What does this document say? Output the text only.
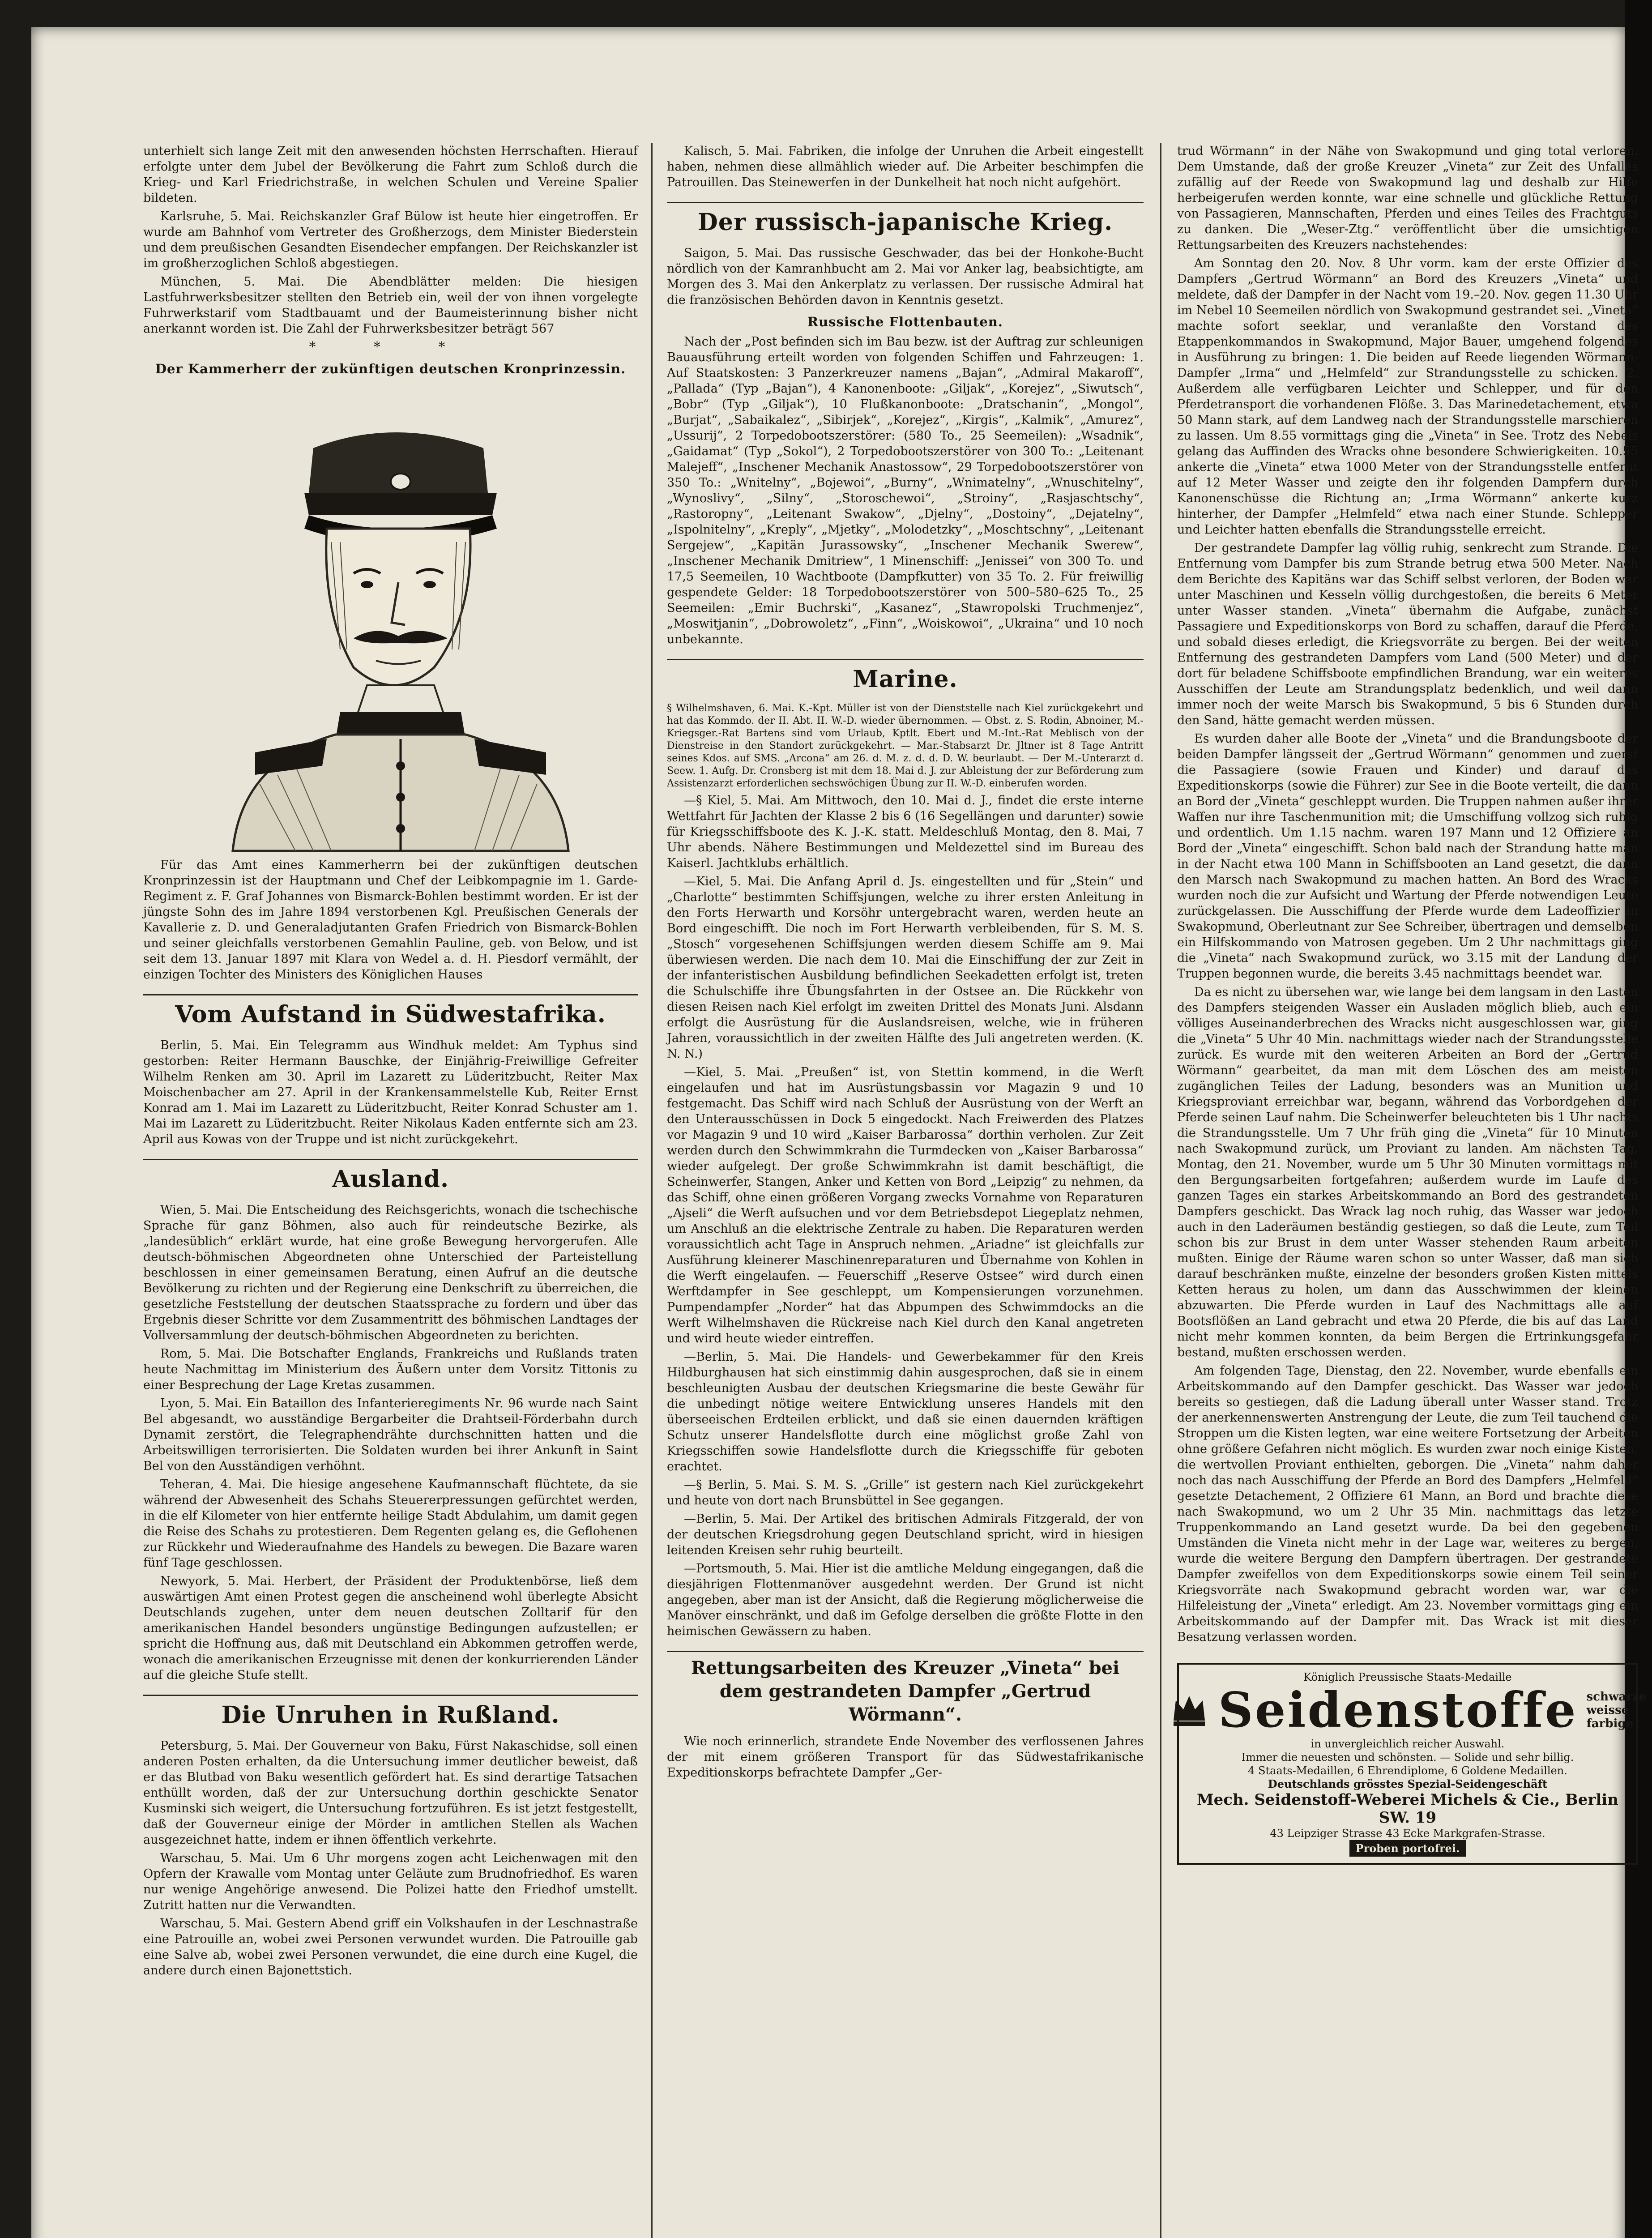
unterhielt sich lange Zeit mit den anwesenden höchsten Herrschaften. Hierauf erfolgte unter dem Jubel der Bevölkerung die Fahrt zum Schloß durch die Krieg- und Karl Friedrichstraße, in welchen Schulen und Vereine Spalier bildeten.

Karlsruhe, 5. Mai. Reichskanzler Graf Bülow ist heute hier eingetroffen. Er wurde am Bahnhof vom Vertreter des Großherzogs, dem Minister Biederstein und dem preußischen Gesandten Eisendecher empfangen. Der Reichskanzler ist im großherzoglichen Schloß abgestiegen.

München, 5. Mai. Die Abendblätter melden: Die hiesigen Lastfuhrwerksbesitzer stellten den Betrieb ein, weil der von ihnen vorgelegte Fuhrwerkstarif vom Stadtbauamt und der Baumeisterinnung bisher nicht anerkannt worden ist. Die Zahl der Fuhrwerksbesitzer beträgt 567

* * *
Der Kammerherr der zukünftigen deutschen Kronprinzessin.

Für das Amt eines Kammerherrn bei der zukünftigen deutschen Kronprinzessin ist der Hauptmann und Chef der Leibkompagnie im 1. Garde-Regiment z. F. Graf Johannes von Bismarck-Bohlen bestimmt worden. Er ist der jüngste Sohn des im Jahre 1894 verstorbenen Kgl. Preußischen Generals der Kavallerie z. D. und Generaladjutanten Grafen Friedrich von Bismarck-Bohlen und seiner gleichfalls verstorbenen Gemahlin Pauline, geb. von Below, und ist seit dem 13. Januar 1897 mit Klara von Wedel a. d. H. Piesdorf vermählt, der einzigen Tochter des Ministers des Königlichen Hauses

Vom Aufstand in Südwestafrika.

Berlin, 5. Mai. Ein Telegramm aus Windhuk meldet: Am Typhus sind gestorben: Reiter Hermann Bauschke, der Einjährig-Freiwillige Gefreiter Wilhelm Renken am 30. April im Lazarett zu Lüderitzbucht, Reiter Max Moischenbacher am 27. April in der Krankensammelstelle Kub, Reiter Ernst Konrad am 1. Mai im Lazarett zu Lüderitzbucht, Reiter Konrad Schuster am 1. Mai im Lazarett zu Lüderitzbucht. Reiter Nikolaus Kaden entfernte sich am 23. April aus Kowas von der Truppe und ist nicht zurückgekehrt.

Ausland.

Wien, 5. Mai. Die Entscheidung des Reichsgerichts, wonach die tschechische Sprache für ganz Böhmen, also auch für reindeutsche Bezirke, als „landesüblich“ erklärt wurde, hat eine große Bewegung hervorgerufen. Alle deutsch-böhmischen Abgeordneten ohne Unterschied der Parteistellung beschlossen in einer gemeinsamen Beratung, einen Aufruf an die deutsche Bevölkerung zu richten und der Regierung eine Denkschrift zu überreichen, die gesetzliche Feststellung der deutschen Staatssprache zu fordern und über das Ergebnis dieser Schritte vor dem Zusammentritt des böhmischen Landtages der Vollversammlung der deutsch-böhmischen Abgeordneten zu berichten.

Rom, 5. Mai. Die Botschafter Englands, Frankreichs und Rußlands traten heute Nachmittag im Ministerium des Äußern unter dem Vorsitz Tittonis zu einer Besprechung der Lage Kretas zusammen.

Lyon, 5. Mai. Ein Bataillon des Infanterieregiments Nr. 96 wurde nach Saint Bel abgesandt, wo ausständige Bergarbeiter die Drahtseil-Förderbahn durch Dynamit zerstört, die Telegraphendrähte durchschnitten hatten und die Arbeitswilligen terrorisierten. Die Soldaten wurden bei ihrer Ankunft in Saint Bel von den Ausständigen verhöhnt.

Teheran, 4. Mai. Die hiesige angesehene Kaufmannschaft flüchtete, da sie während der Abwesenheit des Schahs Steuererpressungen gefürchtet werden, in die elf Kilometer von hier entfernte heilige Stadt Abdulahim, um damit gegen die Reise des Schahs zu protestieren. Dem Regenten gelang es, die Geflohenen zur Rückkehr und Wiederaufnahme des Handels zu bewegen. Die Bazare waren fünf Tage geschlossen.

Newyork, 5. Mai. Herbert, der Präsident der Produktenbörse, ließ dem auswärtigen Amt einen Protest gegen die anscheinend wohl überlegte Absicht Deutschlands zugehen, unter dem neuen deutschen Zolltarif für den amerikanischen Handel besonders ungünstige Bedingungen aufzustellen; er spricht die Hoffnung aus, daß mit Deutschland ein Abkommen getroffen werde, wonach die amerikanischen Erzeugnisse mit denen der konkurrierenden Länder auf die gleiche Stufe stellt.

Die Unruhen in Rußland.

Petersburg, 5. Mai. Der Gouverneur von Baku, Fürst Nakaschidse, soll einen anderen Posten erhalten, da die Untersuchung immer deutlicher beweist, daß er das Blutbad von Baku wesentlich gefördert hat. Es sind derartige Tatsachen enthüllt worden, daß der zur Untersuchung dorthin geschickte Senator Kusminski sich weigert, die Untersuchung fortzuführen. Es ist jetzt festgestellt, daß der Gouverneur einige der Mörder in amtlichen Stellen als Wachen ausgezeichnet hatte, indem er ihnen öffentlich verkehrte.

Warschau, 5. Mai. Um 6 Uhr morgens zogen acht Leichenwagen mit den Opfern der Krawalle vom Montag unter Geläute zum Brudnofriedhof. Es waren nur wenige Angehörige anwesend. Die Polizei hatte den Friedhof umstellt. Zutritt hatten nur die Verwandten.

Warschau, 5. Mai. Gestern Abend griff ein Volkshaufen in der Leschnastraße eine Patrouille an, wobei zwei Personen verwundet wurden. Die Patrouille gab eine Salve ab, wobei zwei Personen verwundet, die eine durch eine Kugel, die andere durch einen Bajonettstich.

Kalisch, 5. Mai. Fabriken, die infolge der Unruhen die Arbeit eingestellt haben, nehmen diese allmählich wieder auf. Die Arbeiter beschimpfen die Patrouillen. Das Steinewerfen in der Dunkelheit hat noch nicht aufgehört.

Der russisch-japanische Krieg.

Saigon, 5. Mai. Das russische Geschwader, das bei der Honkohe-Bucht nördlich von der Kamranhbucht am 2. Mai vor Anker lag, beabsichtigte, am Morgen des 3. Mai den Ankerplatz zu verlassen. Der russische Admiral hat die französischen Behörden davon in Kenntnis gesetzt.

Russische Flottenbauten.

Nach der „Post befinden sich im Bau bezw. ist der Auftrag zur schleunigen Bauausführung erteilt worden von folgenden Schiffen und Fahrzeugen: 1. Auf Staatskosten: 3 Panzerkreuzer namens „Bajan“, „Admiral Makaroff“, „Pallada“ (Typ „Bajan“), 4 Kanonenboote: „Giljak“, „Korejez“, „Siwutsch“, „Bobr“ (Typ „Giljak“), 10 Flußkanonboote: „Dratschanin“, „Mongol“, „Burjat“, „Sabaikalez“, „Sibirjek“, „Korejez“, „Kirgis“, „Kalmik“, „Amurez“, „Ussurij“, 2 Torpedobootszerstörer: (580 To., 25 Seemeilen): „Wsadnik“, „Gaidamat“ (Typ „Sokol“), 2 Torpedobootszerstörer von 300 To.: „Leitenant Malejeff“, „Inschener Mechanik Anastossow“, 29 Torpedobootszerstörer von 350 To.: „Wnitelny“, „Bojewoi“, „Burny“, „Wnimatelny“, „Wnuschitelny“, „Wynoslivy“, „Silny“, „Storoschewoi“, „Stroiny“, „Rasjaschtschy“, „Rastoropny“, „Leitenant Swakow“, „Djelny“, „Dostoiny“, „Dejatelny“, „Ispolnitelny“, „Kreply“, „Mjetky“, „Molodetzky“, „Moschtschny“, „Leitenant Sergejew“, „Kapitän Jurassowsky“, „Inschener Mechanik Swerew“, „Inschener Mechanik Dmitriew“, 1 Minenschiff: „Jenissei“ von 300 To. und 17,5 Seemeilen, 10 Wachtboote (Dampfkutter) von 35 To. 2. Für freiwillig gespendete Gelder: 18 Torpedobootszerstörer von 500–580–625 To., 25 Seemeilen: „Emir Buchrski“, „Kasanez“, „Stawropolski Truchmenjez“, „Moswitjanin“, „Dobrowoletz“, „Finn“, „Woiskowoi“, „Ukraina“ und 10 noch unbekannte.

Marine.

§ Wilhelmshaven, 6. Mai. K.-Kpt. Müller ist von der Dienststelle nach Kiel zurückgekehrt und hat das Kommdo. der II. Abt. II. W.-D. wieder übernommen. — Obst. z. S. Rodin, Abnoiner, M.-Kriegsger.-Rat Bartens sind vom Urlaub, Kptlt. Ebert und M.-Int.-Rat Meblisch von der Dienstreise in den Standort zurückgekehrt. — Mar.-Stabsarzt Dr. Jltner ist 8 Tage Antritt seines Kdos. auf SMS. „Arcona“ am 26. d. M. z. d. d. D. W. beurlaubt. — Der M.-Unterarzt d. Seew. 1. Aufg. Dr. Cronsberg ist mit dem 18. Mai d. J. zur Ableistung der zur Beförderung zum Assistenzarzt erforderlichen sechswöchigen Übung zur II. W.-D. einberufen worden.

—§ Kiel, 5. Mai. Am Mittwoch, den 10. Mai d. J., findet die erste interne Wettfahrt für Jachten der Klasse 2 bis 6 (16 Segellängen und darunter) sowie für Kriegsschiffsboote des K. J.-K. statt. Meldeschluß Montag, den 8. Mai, 7 Uhr abends. Nähere Bestimmungen und Meldezettel sind im Bureau des Kaiserl. Jachtklubs erhältlich.

—Kiel, 5. Mai. Die Anfang April d. Js. eingestellten und für „Stein“ und „Charlotte“ bestimmten Schiffsjungen, welche zu ihrer ersten Anleitung in den Forts Herwarth und Korsöhr untergebracht waren, werden heute an Bord eingeschifft. Die noch im Fort Herwarth verbleibenden, für S. M. S. „Stosch“ vorgesehenen Schiffsjungen werden diesem Schiffe am 9. Mai überwiesen werden. Die nach dem 10. Mai die Einschiffung der zur Zeit in der infanteristischen Ausbildung befindlichen Seekadetten erfolgt ist, treten die Schulschiffe ihre Übungsfahrten in der Ostsee an. Die Rückkehr von diesen Reisen nach Kiel erfolgt im zweiten Drittel des Monats Juni. Alsdann erfolgt die Ausrüstung für die Auslandsreisen, welche, wie in früheren Jahren, voraussichtlich in der zweiten Hälfte des Juli angetreten werden. (K. N. N.)

—Kiel, 5. Mai. „Preußen“ ist, von Stettin kommend, in die Werft eingelaufen und hat im Ausrüstungsbassin vor Magazin 9 und 10 festgemacht. Das Schiff wird nach Schluß der Ausrüstung von der Werft an den Unterausschüssen in Dock 5 eingedockt. Nach Freiwerden des Platzes vor Magazin 9 und 10 wird „Kaiser Barbarossa“ dorthin verholen. Zur Zeit werden durch den Schwimmkrahn die Turmdecken von „Kaiser Barbarossa“ wieder aufgelegt. Der große Schwimmkrahn ist damit beschäftigt, die Scheinwerfer, Stangen, Anker und Ketten von Bord „Leipzig“ zu nehmen, da das Schiff, ohne einen größeren Vorgang zwecks Vornahme von Reparaturen „Ajseli“ die Werft aufsuchen und vor dem Betriebsdepot Liegeplatz nehmen, um Anschluß an die elektrische Zentrale zu haben. Die Reparaturen werden voraussichtlich acht Tage in Anspruch nehmen. „Ariadne“ ist gleichfalls zur Ausführung kleinerer Maschinenreparaturen und Übernahme von Kohlen in die Werft eingelaufen. — Feuerschiff „Reserve Ostsee“ wird durch einen Werftdampfer in See geschleppt, um Kompensierungen vorzunehmen. Pumpendampfer „Norder“ hat das Abpumpen des Schwimmdocks an die Werft Wilhelmshaven die Rückreise nach Kiel durch den Kanal angetreten und wird heute wieder eintreffen.

—Berlin, 5. Mai. Die Handels- und Gewerbekammer für den Kreis Hildburghausen hat sich einstimmig dahin ausgesprochen, daß sie in einem beschleunigten Ausbau der deutschen Kriegsmarine die beste Gewähr für die unbedingt nötige weitere Entwicklung unseres Handels mit den überseeischen Erdteilen erblickt, und daß sie einen dauernden kräftigen Schutz unserer Handelsflotte durch eine möglichst große Zahl von Kriegsschiffen sowie Handelsflotte durch die Kriegsschiffe für geboten erachtet.

—§ Berlin, 5. Mai. S. M. S. „Grille“ ist gestern nach Kiel zurückgekehrt und heute von dort nach Brunsbüttel in See gegangen.

—Berlin, 5. Mai. Der Artikel des britischen Admirals Fitzgerald, der von der deutschen Kriegsdrohung gegen Deutschland spricht, wird in hiesigen leitenden Kreisen sehr ruhig beurteilt.

—Portsmouth, 5. Mai. Hier ist die amtliche Meldung eingegangen, daß die diesjährigen Flottenmanöver ausgedehnt werden. Der Grund ist nicht angegeben, aber man ist der Ansicht, daß die Regierung möglicherweise die Manöver einschränkt, und daß im Gefolge derselben die größte Flotte in den heimischen Gewässern zu haben.

Rettungsarbeiten des Kreuzer „Vineta“ bei dem gestrandeten Dampfer „Gertrud Wörmann“.

Wie noch erinnerlich, strandete Ende November des verflossenen Jahres der mit einem größeren Transport für das Südwestafrikanische Expeditionskorps befrachtete Dampfer „Ger-

trud Wörmann“ in der Nähe von Swakopmund und ging total verloren. Dem Umstande, daß der große Kreuzer „Vineta“ zur Zeit des Unfalles zufällig auf der Reede von Swakopmund lag und deshalb zur Hilfe herbeigerufen werden konnte, war eine schnelle und glückliche Rettung von Passagieren, Mannschaften, Pferden und eines Teiles des Frachtguts zu danken. Die „Weser-Ztg.“ veröffentlicht über die umsichtigen Rettungsarbeiten des Kreuzers nachstehendes:

Am Sonntag den 20. Nov. 8 Uhr vorm. kam der erste Offizier des Dampfers „Gertrud Wörmann“ an Bord des Kreuzers „Vineta“ und meldete, daß der Dampfer in der Nacht vom 19.–20. Nov. gegen 11.30 Uhr im Nebel 10 Seemeilen nördlich von Swakopmund gestrandet sei. „Vineta“ machte sofort seeklar, und veranlaßte den Vorstand des Etappenkommandos in Swakopmund, Major Bauer, umgehend folgendes in Ausführung zu bringen: 1. Die beiden auf Reede liegenden Wörmann-Dampfer „Irma“ und „Helmfeld“ zur Strandungsstelle zu schicken. 2. Außerdem alle verfügbaren Leichter und Schlepper, und für den Pferdetransport die vorhandenen Flöße. 3. Das Marinedetachement, etwa 50 Mann stark, auf dem Landweg nach der Strandungsstelle marschieren zu lassen. Um 8.55 vormittags ging die „Vineta“ in See. Trotz des Nebels gelang das Auffinden des Wracks ohne besondere Schwierigkeiten. 10.55 ankerte die „Vineta“ etwa 1000 Meter von der Strandungsstelle entfernt auf 12 Meter Wasser und zeigte den ihr folgenden Dampfern durch Kanonenschüsse die Richtung an; „Irma Wörmann“ ankerte kurz hinterher, der Dampfer „Helmfeld“ etwa nach einer Stunde. Schlepper und Leichter hatten ebenfalls die Strandungsstelle erreicht.

Der gestrandete Dampfer lag völlig ruhig, senkrecht zum Strande. Die Entfernung vom Dampfer bis zum Strande betrug etwa 500 Meter. Nach dem Berichte des Kapitäns war das Schiff selbst verloren, der Boden war unter Maschinen und Kesseln völlig durchgestoßen, die bereits 6 Meter unter Wasser standen. „Vineta“ übernahm die Aufgabe, zunächst Passagiere und Expeditionskorps von Bord zu schaffen, darauf die Pferde, und sobald dieses erledigt, die Kriegsvorräte zu bergen. Bei der weiten Entfernung des gestrandeten Dampfers vom Land (500 Meter) und der dort für beladene Schiffsboote empfindlichen Brandung, war ein weiteres Ausschiffen der Leute am Strandungsplatz bedenklich, und weil dann immer noch der weite Marsch bis Swakopmund, 5 bis 6 Stunden durch den Sand, hätte gemacht werden müssen.

Es wurden daher alle Boote der „Vineta“ und die Brandungsboote der beiden Dampfer längsseit der „Gertrud Wörmann“ genommen und zuerst die Passagiere (sowie Frauen und Kinder) und darauf das Expeditionskorps (sowie die Führer) zur See in die Boote verteilt, die dann an Bord der „Vineta“ geschleppt wurden. Die Truppen nahmen außer ihrer Waffen nur ihre Taschenmunition mit; die Umschiffung vollzog sich ruhig und ordentlich. Um 1.15 nachm. waren 197 Mann und 12 Offiziere an Bord der „Vineta“ eingeschifft. Schon bald nach der Strandung hatte man in der Nacht etwa 100 Mann in Schiffsbooten an Land gesetzt, die dann den Marsch nach Swakopmund zu machen hatten. An Bord des Wracks wurden noch die zur Aufsicht und Wartung der Pferde notwendigen Leute zurückgelassen. Die Ausschiffung der Pferde wurde dem Ladeoffizier in Swakopmund, Oberleutnant zur See Schreiber, übertragen und demselben ein Hilfskommando von Matrosen gegeben. Um 2 Uhr nachmittags ging die „Vineta“ nach Swakopmund zurück, wo 3.15 mit der Landung der Truppen begonnen wurde, die bereits 3.45 nachmittags beendet war.

Da es nicht zu übersehen war, wie lange bei dem langsam in den Lasten des Dampfers steigenden Wasser ein Ausladen möglich blieb, auch ein völliges Auseinanderbrechen des Wracks nicht ausgeschlossen war, ging die „Vineta“ 5 Uhr 40 Min. nachmittags wieder nach der Strandungsstelle zurück. Es wurde mit den weiteren Arbeiten an Bord der „Gertrud Wörmann“ gearbeitet, da man mit dem Löschen des am meisten zugänglichen Teiles der Ladung, besonders was an Munition und Kriegsproviant erreichbar war, begann, während das Vorbordgehen der Pferde seinen Lauf nahm. Die Scheinwerfer beleuchteten bis 1 Uhr nachts die Strandungsstelle. Um 7 Uhr früh ging die „Vineta“ für 10 Minuten nach Swakopmund zurück, um Proviant zu landen. Am nächsten Tag, Montag, den 21. November, wurde um 5 Uhr 30 Minuten vormittags mit den Bergungsarbeiten fortgefahren; außerdem wurde im Laufe des ganzen Tages ein starkes Arbeitskommando an Bord des gestrandeten Dampfers geschickt. Das Wrack lag noch ruhig, das Wasser war jedoch auch in den Laderäumen beständig gestiegen, so daß die Leute, zum Teil schon bis zur Brust in dem unter Wasser stehenden Raum arbeiten mußten. Einige der Räume waren schon so unter Wasser, daß man sich darauf beschränken mußte, einzelne der besonders großen Kisten mittels Ketten heraus zu holen, um dann das Ausschwimmen der kleinen abzuwarten. Die Pferde wurden in Lauf des Nachmittags alle auf Bootsflößen an Land gebracht und etwa 20 Pferde, die bis auf das Land nicht mehr kommen konnten, da beim Bergen die Ertrinkungsgefahr bestand, mußten erschossen werden.

Am folgenden Tage, Dienstag, den 22. November, wurde ebenfalls ein Arbeitskommando auf den Dampfer geschickt. Das Wasser war jedoch bereits so gestiegen, daß die Ladung überall unter Wasser stand. Trotz der anerkennenswerten Anstrengung der Leute, die zum Teil tauchend die Stroppen um die Kisten legten, war eine weitere Fortsetzung der Arbeiten ohne größere Gefahren nicht möglich. Es wurden zwar noch einige Kisten, die wertvollen Proviant enthielten, geborgen. Die „Vineta“ nahm daher noch das nach Ausschiffung der Pferde an Bord des Dampfers „Helmfeld“ gesetzte Detachement, 2 Offiziere 61 Mann, an Bord und brachte diese nach Swakopmund, wo um 2 Uhr 35 Min. nachmittags das letzte Truppenkommando an Land gesetzt wurde. Da bei den gegebenen Umständen die Vineta nicht mehr in der Lage war, weiteres zu bergen, wurde die weitere Bergung den Dampfern übertragen. Der gestrandete Dampfer zweifellos von dem Expeditionskorps sowie einem Teil seiner Kriegsvorräte nach Swakopmund gebracht worden war, war die Hilfeleistung der „Vineta“ erledigt. Am 23. November vormittags ging ein Arbeitskommando auf der Dampfer mit. Das Wrack ist mit dieser Besatzung verlassen worden.

Königlich Preussische Staats-Medaille
Seidenstoffe schwarze
weisse
farbige
in unvergleichlich reicher Auswahl.
Immer die neuesten und schönsten. — Solide und sehr billig.
4 Staats-Medaillen, 6 Ehrendiplome, 6 Goldene Medaillen.
Deutschlands grösstes Spezial-Seidengeschäft
Mech. Seidenstoff-Weberei Michels & Cie., Berlin SW. 19
43 Leipziger Strasse 43 Ecke Markgrafen-Strasse.
Proben portofrei.
